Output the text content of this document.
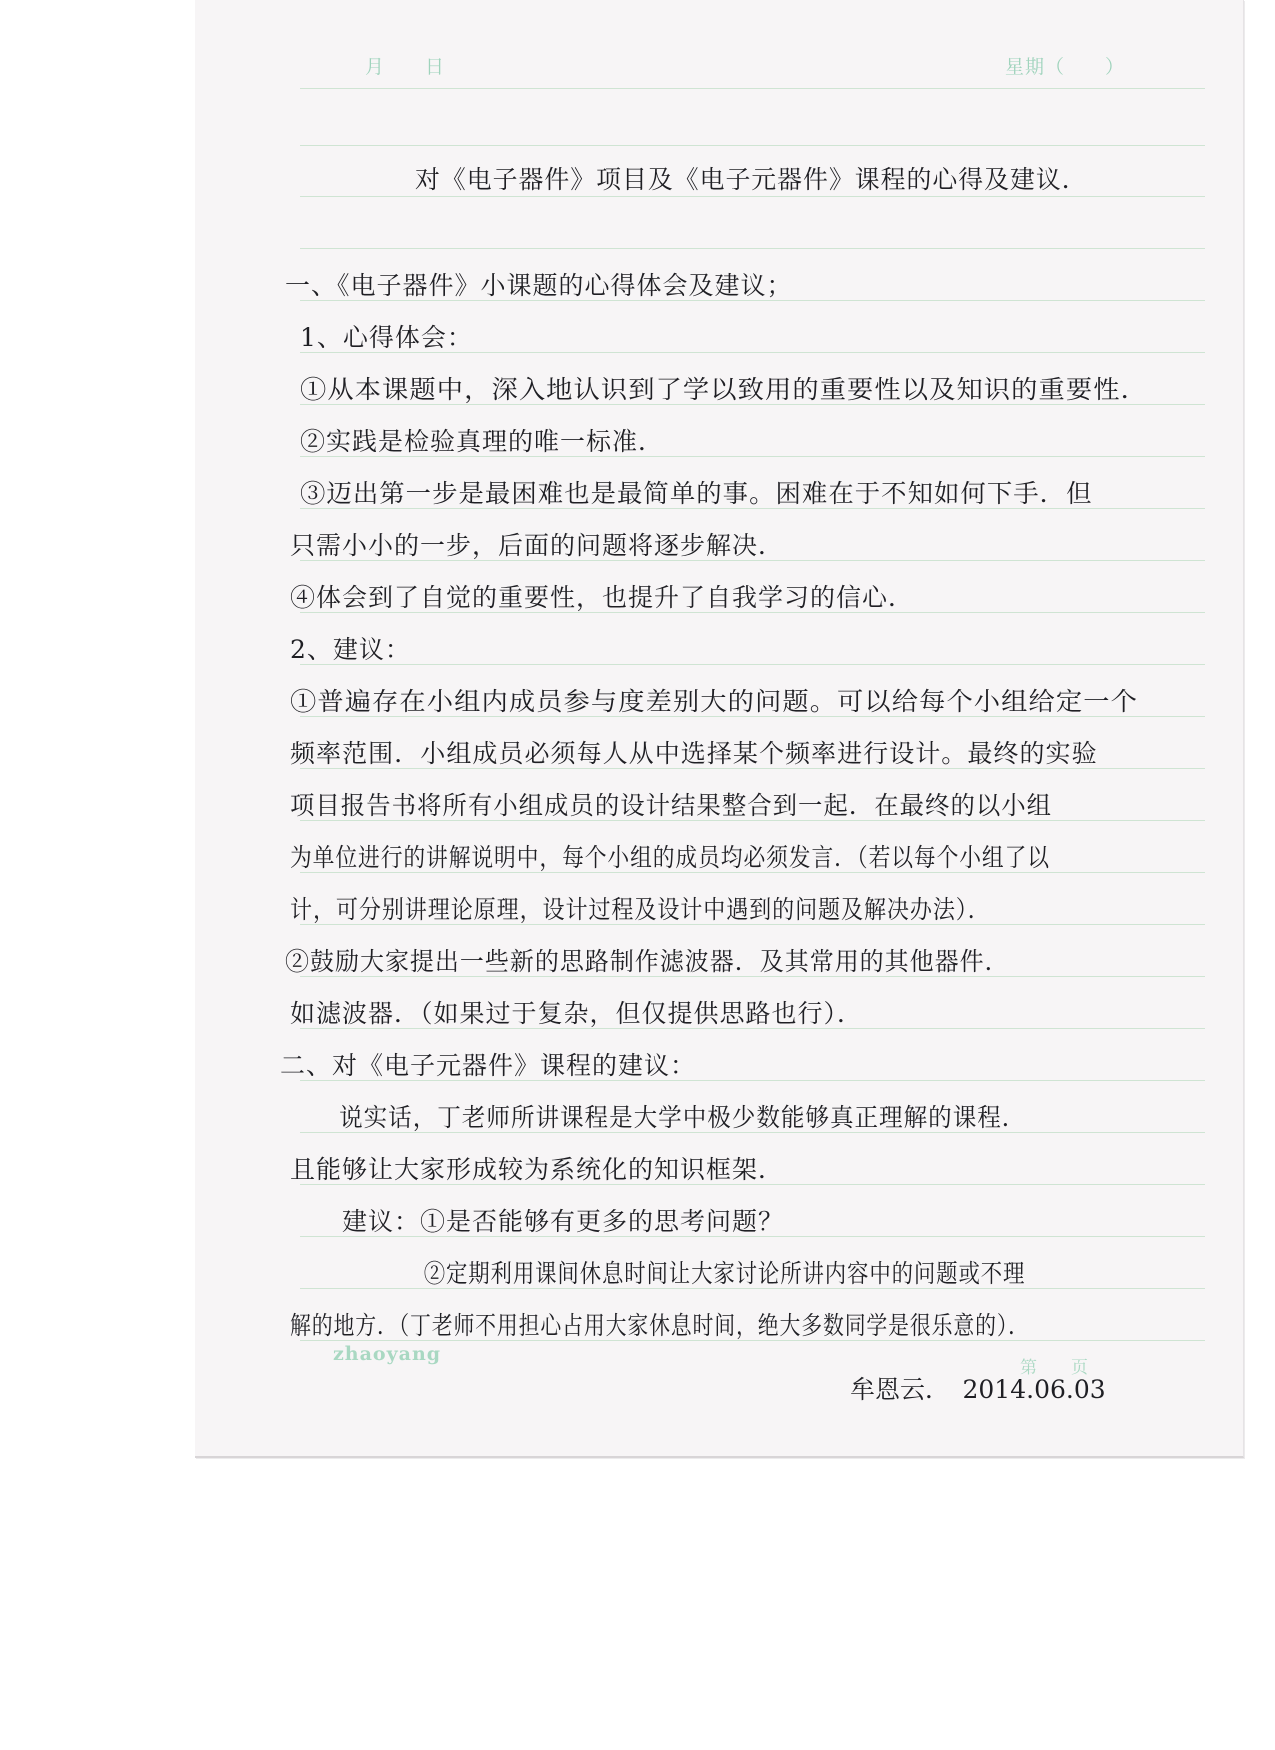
月　　日	星期（　　）
对《电子器件》项目及《电子元器件》课程的心得及建议．
一、《电子器件》小课题的心得体会及建议；
1、心得体会：
①从本课题中，深入地认识到了学以致用的重要性以及知识的重要性．
②实践是检验真理的唯一标准．
③迈出第一步是最困难也是最简单的事。困难在于不知如何下手．但
只需小小的一步，后面的问题将逐步解决．
④体会到了自觉的重要性，也提升了自我学习的信心．
2、建议：
①普遍存在小组内成员参与度差别大的问题。可以给每个小组给定一个
频率范围．小组成员必须每人从中选择某个频率进行设计。最终的实验
项目报告书将所有小组成员的设计结果整合到一起．在最终的以小组
为单位进行的讲解说明中，每个小组的成员均必须发言．（若以每个小组了以
计，可分别讲理论原理，设计过程及设计中遇到的问题及解决办法）．
②鼓励大家提出一些新的思路制作滤波器．及其常用的其他器件．
如滤波器．（如果过于复杂，但仅提供思路也行）．
二、对《电子元器件》课程的建议：
　　说实话，丁老师所讲课程是大学中极少数能够真正理解的课程．
且能够让大家形成较为系统化的知识框架．
　　建议：①是否能够有更多的思考问题？
　　　　　　②定期利用课间休息时间让大家讨论所讲内容中的问题或不理
解的地方．（丁老师不用担心占用大家休息时间，绝大多数同学是很乐意的）．
zhaoyang
第　　页
牟恩云．　2014.06.03
